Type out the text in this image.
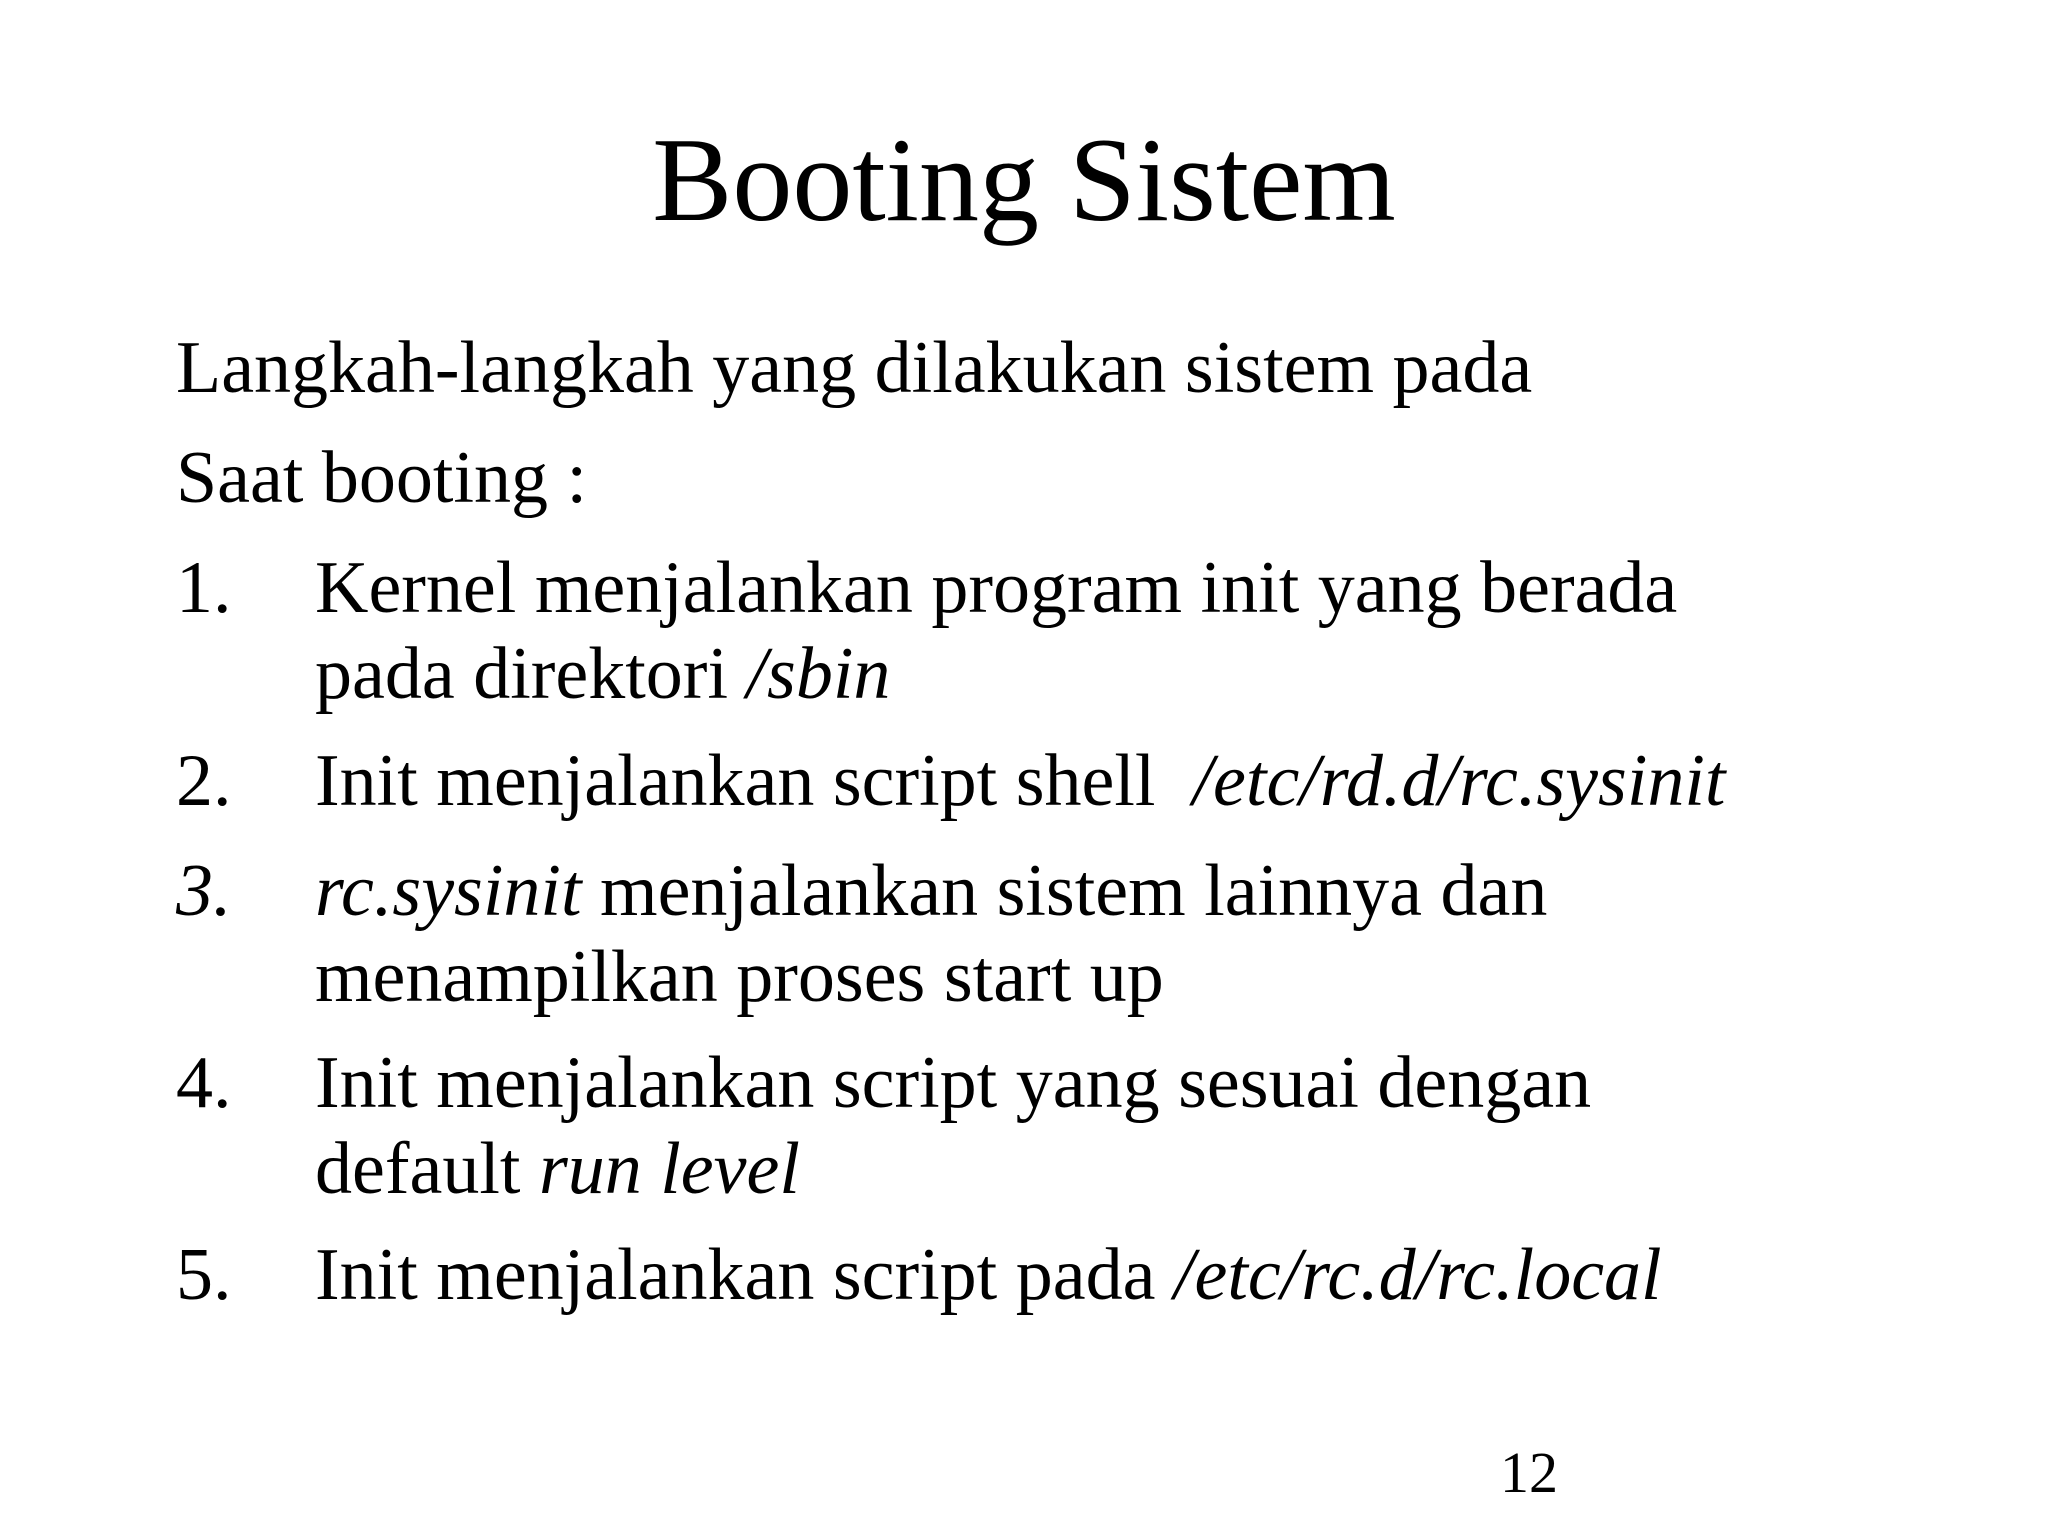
Booting Sistem
Langkah-langkah yang dilakukan sistem pada
Saat booting :
1.	Kernel menjalankan program init yang berada
pada direktori /sbin
2.	Init menjalankan script shell  /etc/rd.d/rc.sysinit
3.	rc.sysinit menjalankan sistem lainnya dan
menampilkan proses start up
4.	Init menjalankan script yang sesuai dengan
default run level
5.	Init menjalankan script pada /etc/rc.d/rc.local
12
